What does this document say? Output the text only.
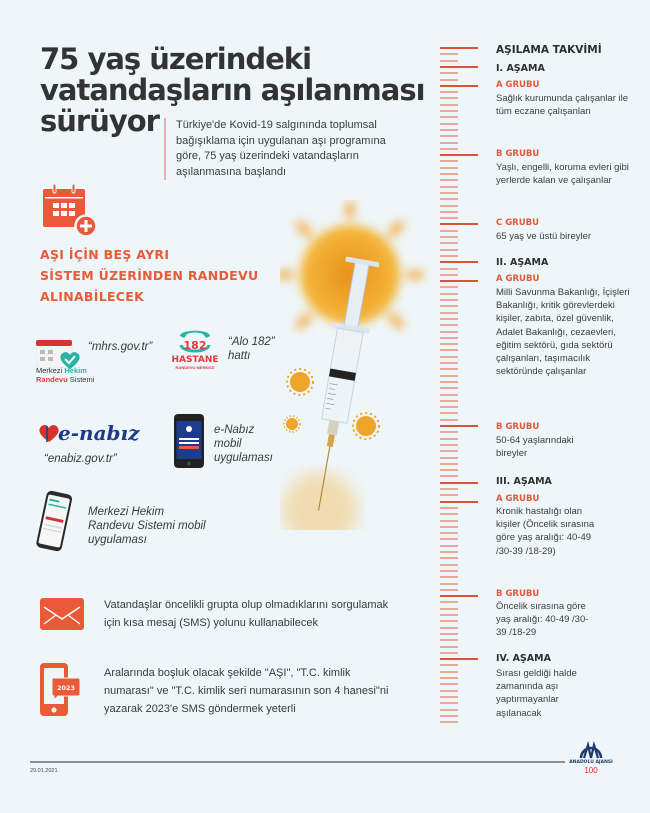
75 yaş üzerindeki vatandaşların aşılanması sürüyor	Türkiye'de Kovid-19 salgınında toplumsal bağışıklama için uygulanan aşı programına göre, 75 yaş üzerindeki vatandaşların aşılanmasına başlandı
AŞI İÇİN BEŞ AYRI
SİSTEM ÜZERİNDEN RANDEVU
ALINABİLECEK
Merkezi Hekim
Randevu Sistemi
“mhrs.gov.tr”	182
HASTANE
RANDEVU MERKEZİ
“Alo 182”
hattı
e-nabız
“enabiz.gov.tr”
e-Nabız
mobil
uygulaması
Merkezi Hekim
Randevu Sistemi mobil
uygulaması
Vatandaşlar öncelikli grupta olup olmadıklarını sorgulamak için kısa mesaj (SMS) yolunu kullanabilecek
2023
Aralarında boşluk olacak şekilde "AŞI", "T.C. kimlik numarası" ve "T.C. kimlik seri numarasının son 4 hanesi"ni yazarak 2023'e SMS göndermek yeterli
AŞILAMA TAKVİMİ
I. AŞAMA
A GRUBU
Sağlık kurumunda çalışanlar ile tüm eczane çalışanları
B GRUBU
Yaşlı, engelli, koruma evleri gibi yerlerde kalan ve çalışanlar
C GRUBU
65 yaş ve üstü bireyler
II. AŞAMA
A GRUBU
Milli Savunma Bakanlığı, İçişleri Bakanlığı, kritik görevlerdeki kişiler, zabıta, özel güvenlik, Adalet Bakanlığı, cezaevleri, eğitim sektörü, gıda sektörü çalışanları, taşımacılık sektöründe çalışanlar
B GRUBU
50-64 yaşlarındaki bireyler
III. AŞAMA
A GRUBU
Kronik hastalığı olan kişiler (Öncelik sırasına göre yaş aralığı: 40-49 /30-39 /18-29)
B GRUBU
Öncelik sırasına göre yaş aralığı: 40-49 /30-39 /18-29
IV. AŞAMA
Sırası geldiği halde zamanında aşı yaptırmayanlar aşılanacak
29.01.2021
ANADOLU AJANSI
100
